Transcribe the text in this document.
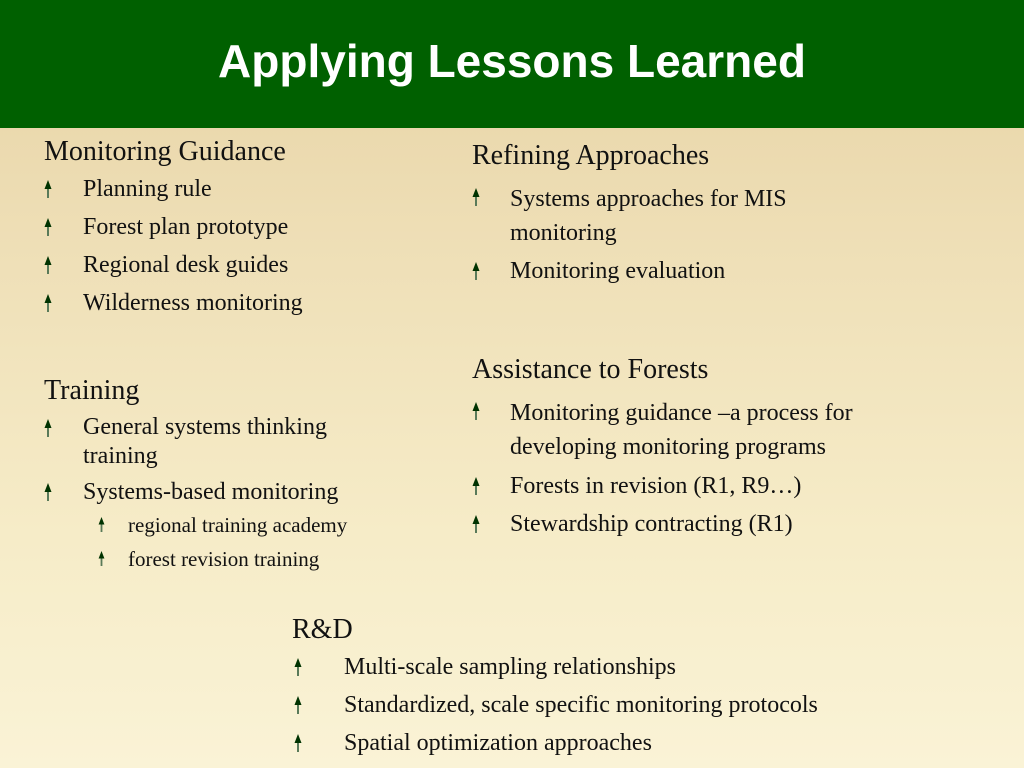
Applying Lessons Learned
Monitoring Guidance
Planning rule
Forest plan prototype
Regional desk guides
Wilderness monitoring
Training
General systems thinking training
Systems-based monitoring
regional training academy
forest revision training
Refining Approaches
Systems approaches for MIS monitoring
Monitoring evaluation
Assistance to Forests
Monitoring guidance –a process for developing monitoring programs
Forests in revision (R1, R9…)
Stewardship contracting (R1)
R&D
Multi-scale sampling relationships
Standardized, scale specific monitoring protocols
Spatial optimization approaches
